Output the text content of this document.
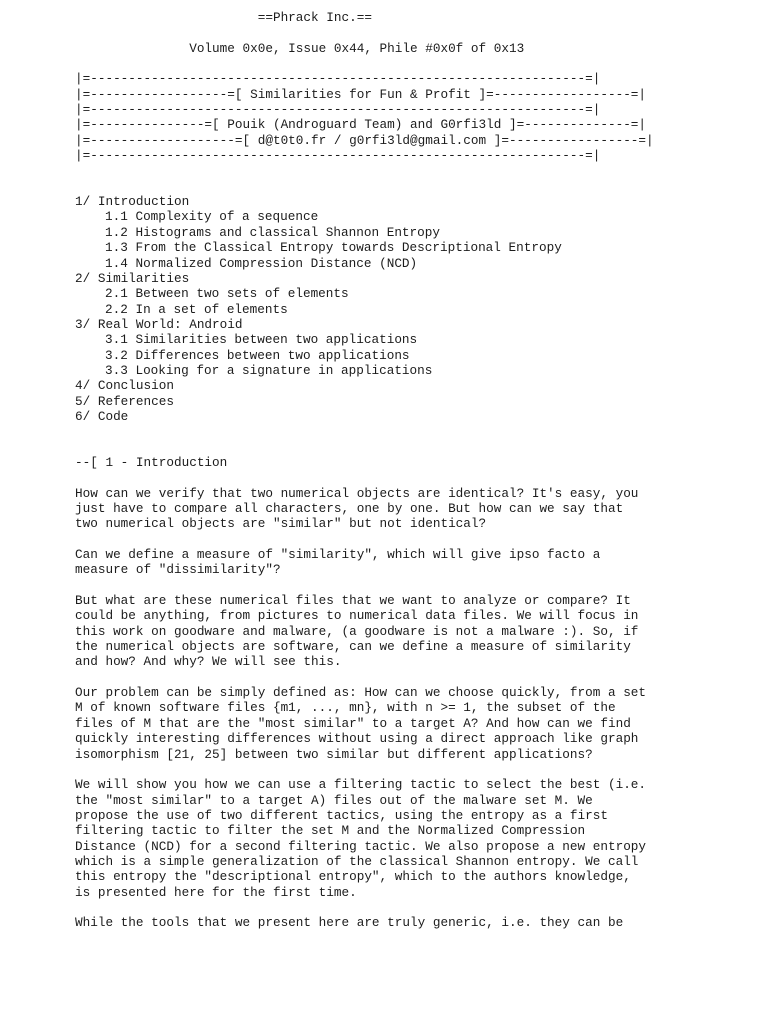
==Phrack Inc.==
Volume 0x0e, Issue 0x44, Phile #0x0f of 0x13
|=-----------------------------------------------------------------=|
|=------------------=[ Similarities for Fun & Profit ]=------------------=|
|=-----------------------------------------------------------------=|
|=---------------=[ Pouik (Androguard Team) and G0rfi3ld ]=--------------=|
|=-------------------=[ d@t0t0.fr / g0rfi3ld@gmail.com ]=-----------------=|
|=-----------------------------------------------------------------=|
1/ Introduction
1.1 Complexity of a sequence
1.2 Histograms and classical Shannon Entropy
1.3 From the Classical Entropy towards Descriptional Entropy
1.4 Normalized Compression Distance (NCD)
2/ Similarities
2.1 Between two sets of elements
2.2 In a set of elements
3/ Real World: Android
3.1 Similarities between two applications
3.2 Differences between two applications
3.3 Looking for a signature in applications
4/ Conclusion
5/ References
6/ Code
--[ 1 - Introduction
How can we verify that two numerical objects are identical? It's easy, you
just have to compare all characters, one by one. But how can we say that
two numerical objects are "similar" but not identical?
Can we define a measure of "similarity", which will give ipso facto a
measure of "dissimilarity"?
But what are these numerical files that we want to analyze or compare? It
could be anything, from pictures to numerical data files. We will focus in
this work on goodware and malware, (a goodware is not a malware :). So, if
the numerical objects are software, can we define a measure of similarity
and how? And why? We will see this.
Our problem can be simply defined as: How can we choose quickly, from a set
M of known software files {m1, ..., mn}, with n >= 1, the subset of the
files of M that are the "most similar" to a target A? And how can we find
quickly interesting differences without using a direct approach like graph
isomorphism [21, 25] between two similar but different applications?
We will show you how we can use a filtering tactic to select the best (i.e.
the "most similar" to a target A) files out of the malware set M. We
propose the use of two different tactics, using the entropy as a first
filtering tactic to filter the set M and the Normalized Compression
Distance (NCD) for a second filtering tactic. We also propose a new entropy
which is a simple generalization of the classical Shannon entropy. We call
this entropy the "descriptional entropy", which to the authors knowledge,
is presented here for the first time.
While the tools that we present here are truly generic, i.e. they can be
